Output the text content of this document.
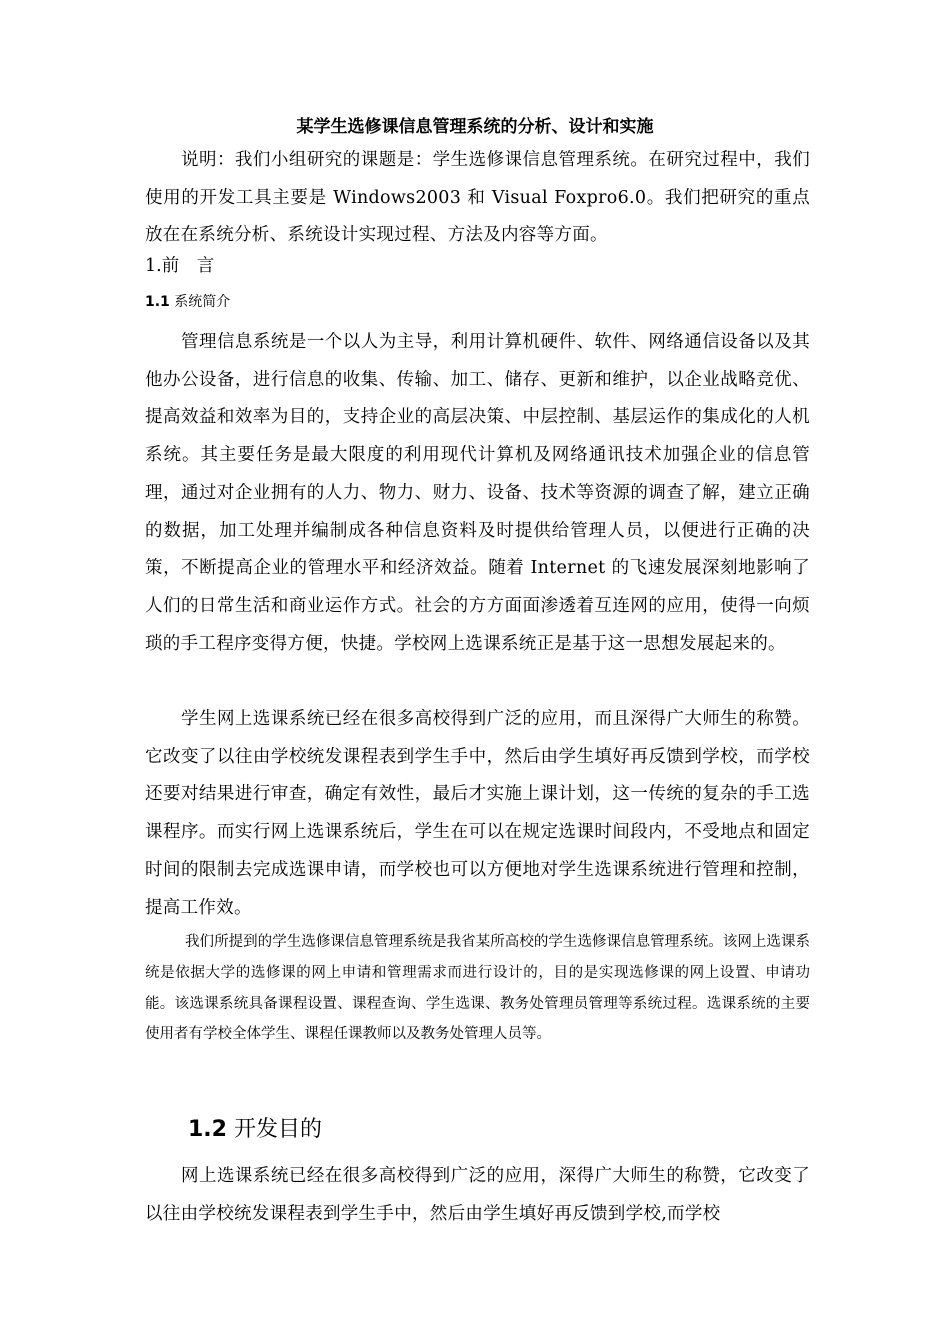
某学生选修课信息管理系统的分析、设计和实施
说明：我们小组研究的课题是：学生选修课信息管理系统。在研究过程中，我们使用的开发工具主要是 Windows2003 和 Visual Foxpro6.0。我们把研究的重点放在在系统分析、系统设计实现过程、方法及内容等方面。
1.前　言
1.1 系统简介
管理信息系统是一个以人为主导，利用计算机硬件、软件、网络通信设备以及其他办公设备，进行信息的收集、传输、加工、储存、更新和维护，以企业战略竞优、提高效益和效率为目的，支持企业的高层决策、中层控制、基层运作的集成化的人机系统。其主要任务是最大限度的利用现代计算机及网络通讯技术加强企业的信息管理，通过对企业拥有的人力、物力、财力、设备、技术等资源的调查了解，建立正确的数据，加工处理并编制成各种信息资料及时提供给管理人员，以便进行正确的决策，不断提高企业的管理水平和经济效益。随着 Internet 的飞速发展深刻地影响了人们的日常生活和商业运作方式。社会的方方面面渗透着互连网的应用，使得一向烦琐的手工程序变得方便，快捷。学校网上选课系统正是基于这一思想发展起来的。
学生网上选课系统已经在很多高校得到广泛的应用，而且深得广大师生的称赞。它改变了以往由学校统发课程表到学生手中，然后由学生填好再反馈到学校，而学校还要对结果进行审查，确定有效性，最后才实施上课计划，这一传统的复杂的手工选课程序。而实行网上选课系统后，学生在可以在规定选课时间段内，不受地点和固定时间的限制去完成选课申请，而学校也可以方便地对学生选课系统进行管理和控制，提高工作效。
我们所提到的学生选修课信息管理系统是我省某所高校的学生选修课信息管理系统。该网上选课系统是依据大学的选修课的网上申请和管理需求而进行设计的，目的是实现选修课的网上设置、申请功能。该选课系统具备课程设置、课程查询、学生选课、教务处管理员管理等系统过程。选课系统的主要使用者有学校全体学生、课程任课教师以及教务处管理人员等。
1.2 开发目的
网上选课系统已经在很多高校得到广泛的应用，深得广大师生的称赞，它改变了以往由学校统发课程表到学生手中，然后由学生填好再反馈到学校,而学校
